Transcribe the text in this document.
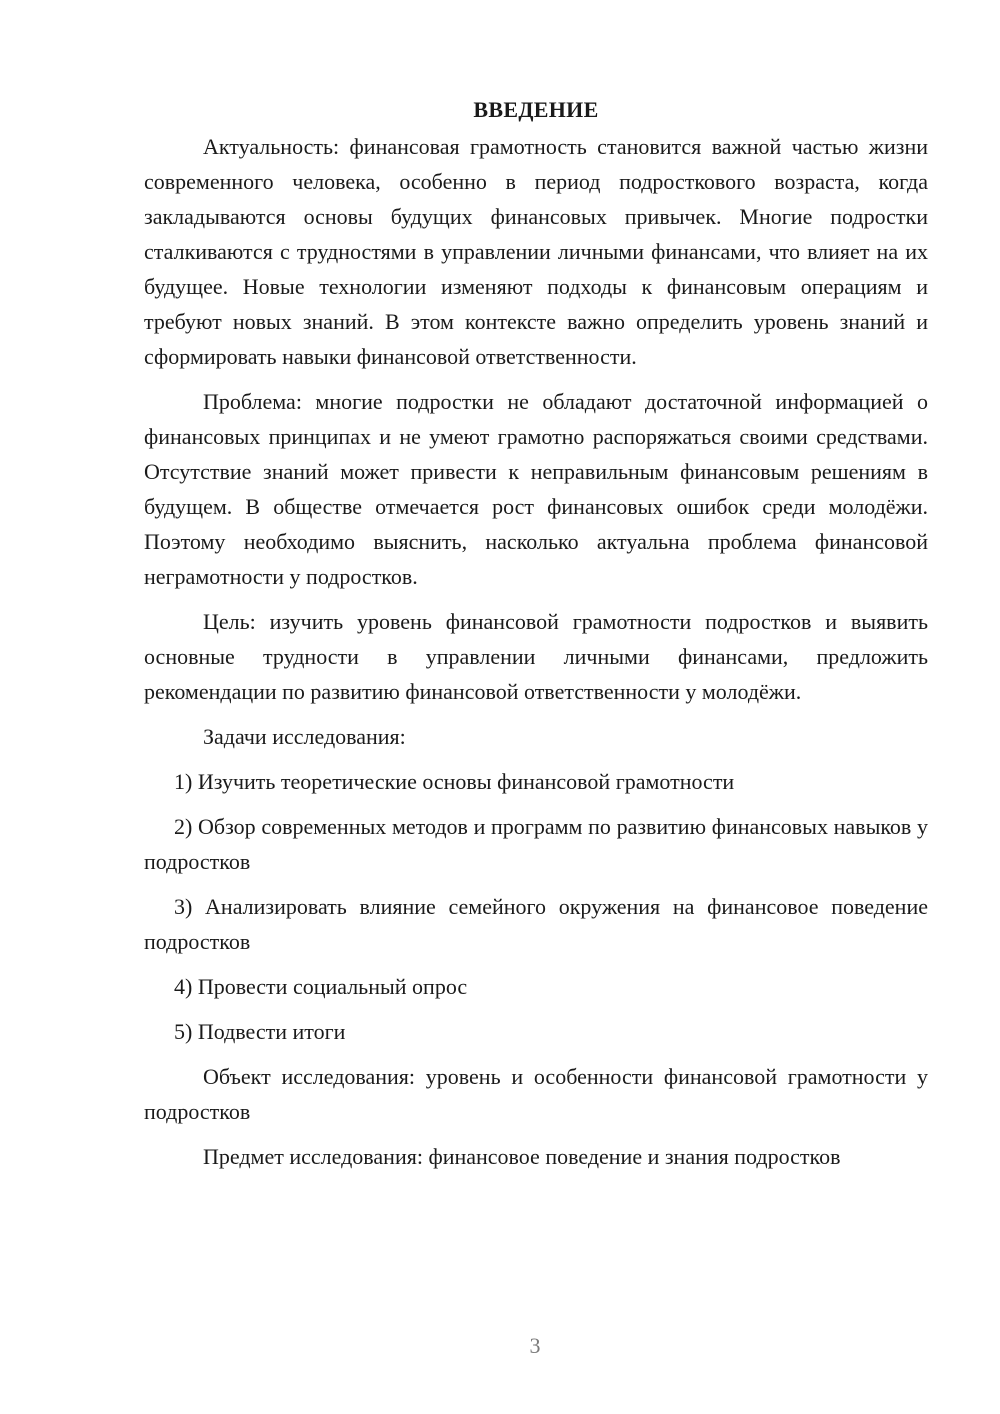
ВВЕДЕНИЕ

Актуальность: финансовая грамотность становится важной частью жизни современного человека, особенно в период подросткового возраста, когда закладываются основы будущих финансовых привычек. Многие подростки сталкиваются с трудностями в управлении личными финансами, что влияет на их будущее. Новые технологии изменяют подходы к финансовым операциям и требуют новых знаний. В этом контексте важно определить уровень знаний и сформировать навыки финансовой ответственности.

Проблема: многие подростки не обладают достаточной информацией о финансовых принципах и не умеют грамотно распоряжаться своими средствами. Отсутствие знаний может привести к неправильным финансовым решениям в будущем. В обществе отмечается рост финансовых ошибок среди молодёжи. Поэтому необходимо выяснить, насколько актуальна проблема финансовой неграмотности у подростков.

Цель: изучить уровень финансовой грамотности подростков и выявить основные трудности в управлении личными финансами, предложить рекомендации по развитию финансовой ответственности у молодёжи.

Задачи исследования:

1) Изучить теоретические основы финансовой грамотности

2) Обзор современных методов и программ по развитию финансовых навыков у подростков

3) Анализировать влияние семейного окружения на финансовое поведение подростков

4) Провести социальный опрос

5) Подвести итоги

Объект исследования: уровень и особенности финансовой грамотности у подростков

Предмет исследования: финансовое поведение и знания подростков

3
